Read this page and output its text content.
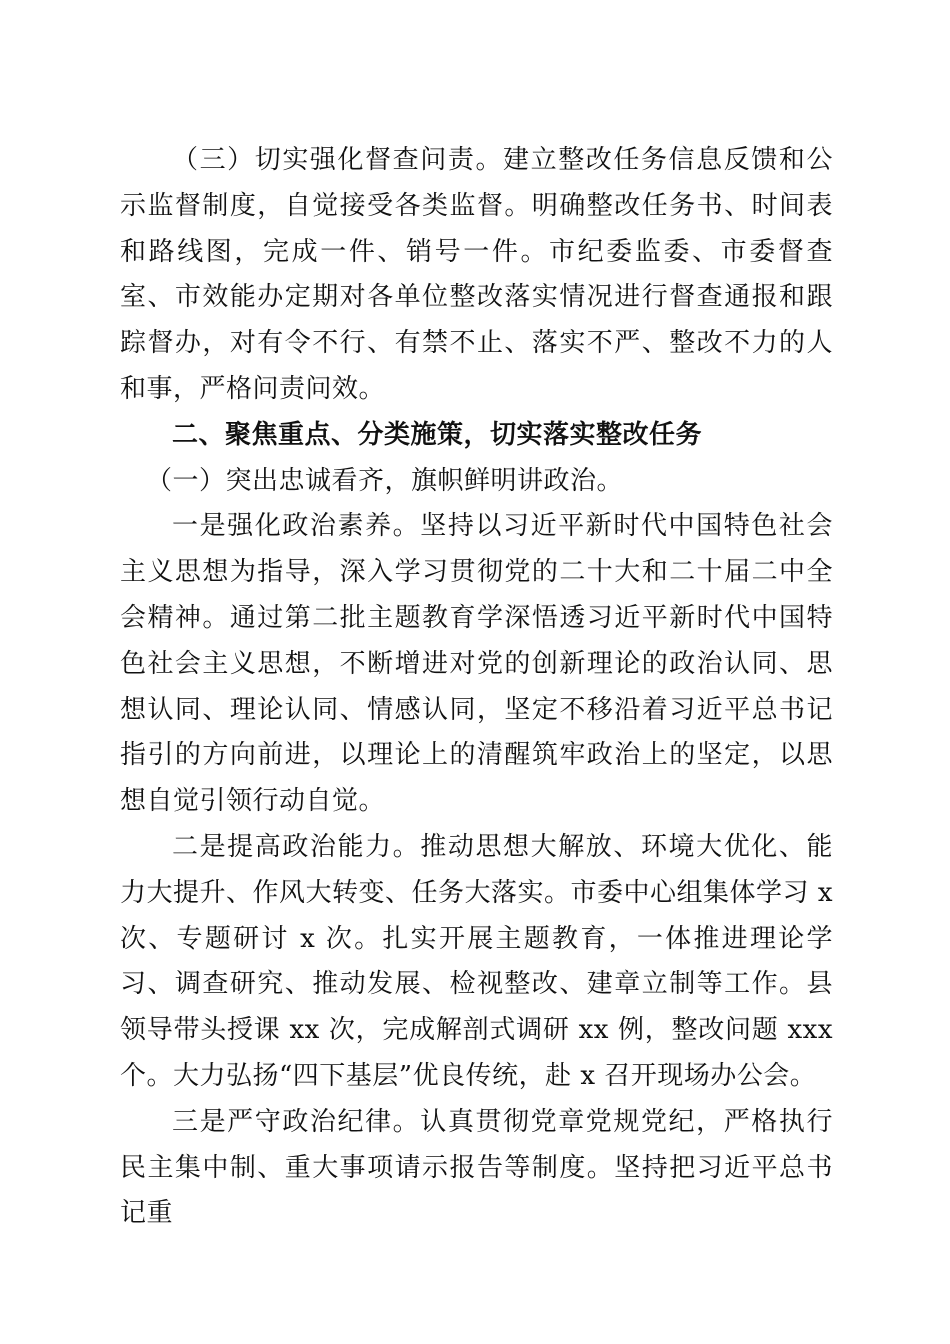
（三）切实强化督查问责。建立整改任务信息反馈和公示监督制度，自觉接受各类监督。明确整改任务书、时间表和路线图，完成一件、销号一件。市纪委监委、市委督查室、市效能办定期对各单位整改落实情况进行督查通报和跟踪督办，对有令不行、有禁不止、落实不严、整改不力的人和事，严格问责问效。

二、聚焦重点、分类施策，切实落实整改任务

（一）突出忠诚看齐，旗帜鲜明讲政治。

一是强化政治素养。坚持以习近平新时代中国特色社会主义思想为指导，深入学习贯彻党的二十大和二十届二中全会精神。通过第二批主题教育学深悟透习近平新时代中国特色社会主义思想，不断增进对党的创新理论的政治认同、思想认同、理论认同、情感认同，坚定不移沿着习近平总书记指引的方向前进，以理论上的清醒筑牢政治上的坚定，以思想自觉引领行动自觉。

二是提高政治能力。推动思想大解放、环境大优化、能力大提升、作风大转变、任务大落实。市委中心组集体学习 x 次、专题研讨 x 次。扎实开展主题教育，一体推进理论学习、调查研究、推动发展、检视整改、建章立制等工作。县领导带头授课 xx 次，完成解剖式调研 xx 例，整改问题 xxx 个。大力弘扬“四下基层”优良传统，赴 x 召开现场办公会。

三是严守政治纪律。认真贯彻党章党规党纪，严格执行民主集中制、重大事项请示报告等制度。坚持把习近平总书记重
